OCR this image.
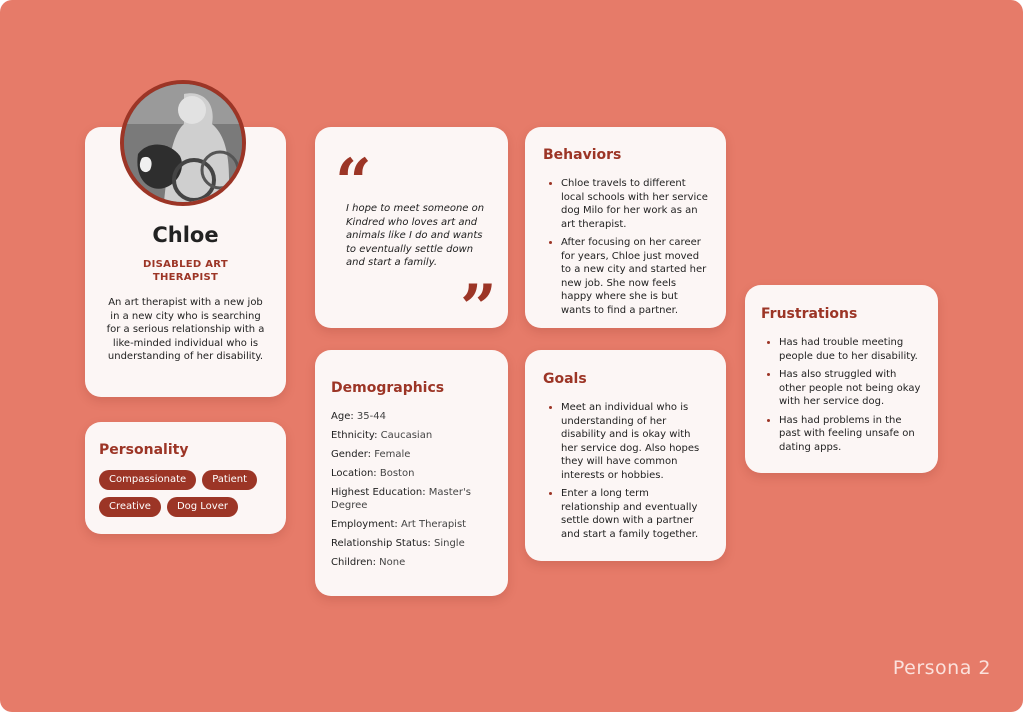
Chloe
DISABLED ART THERAPIST
An art therapist with a new job in a new city who is searching for a serious relationship with a like-minded individual who is understanding of her disability.
Personality
Compassionate	Patient
Creative	Dog Lover
“
I hope to meet someone on Kindred who loves art and animals like I do and wants to eventually settle down and start a family.
”
Behaviors
• Chloe travels to different local schools with her service dog Milo for her work as an art therapist.
• After focusing on her career for years, Chloe just moved to a new city and started her new job. She now feels happy where she is but wants to find a partner.
Demographics
Age: 35-44
Ethnicity: Caucasian
Gender: Female
Location: Boston
Highest Education: Master's Degree
Employment: Art Therapist
Relationship Status: Single
Children: None
Goals
• Meet an individual who is understanding of her disability and is okay with her service dog. Also hopes they will have common interests or hobbies.
• Enter a long term relationship and eventually settle down with a partner and start a family together.
Frustrations
• Has had trouble meeting people due to her disability.
• Has also struggled with other people not being okay with her service dog.
• Has had problems in the past with feeling unsafe on dating apps.
Persona 2
